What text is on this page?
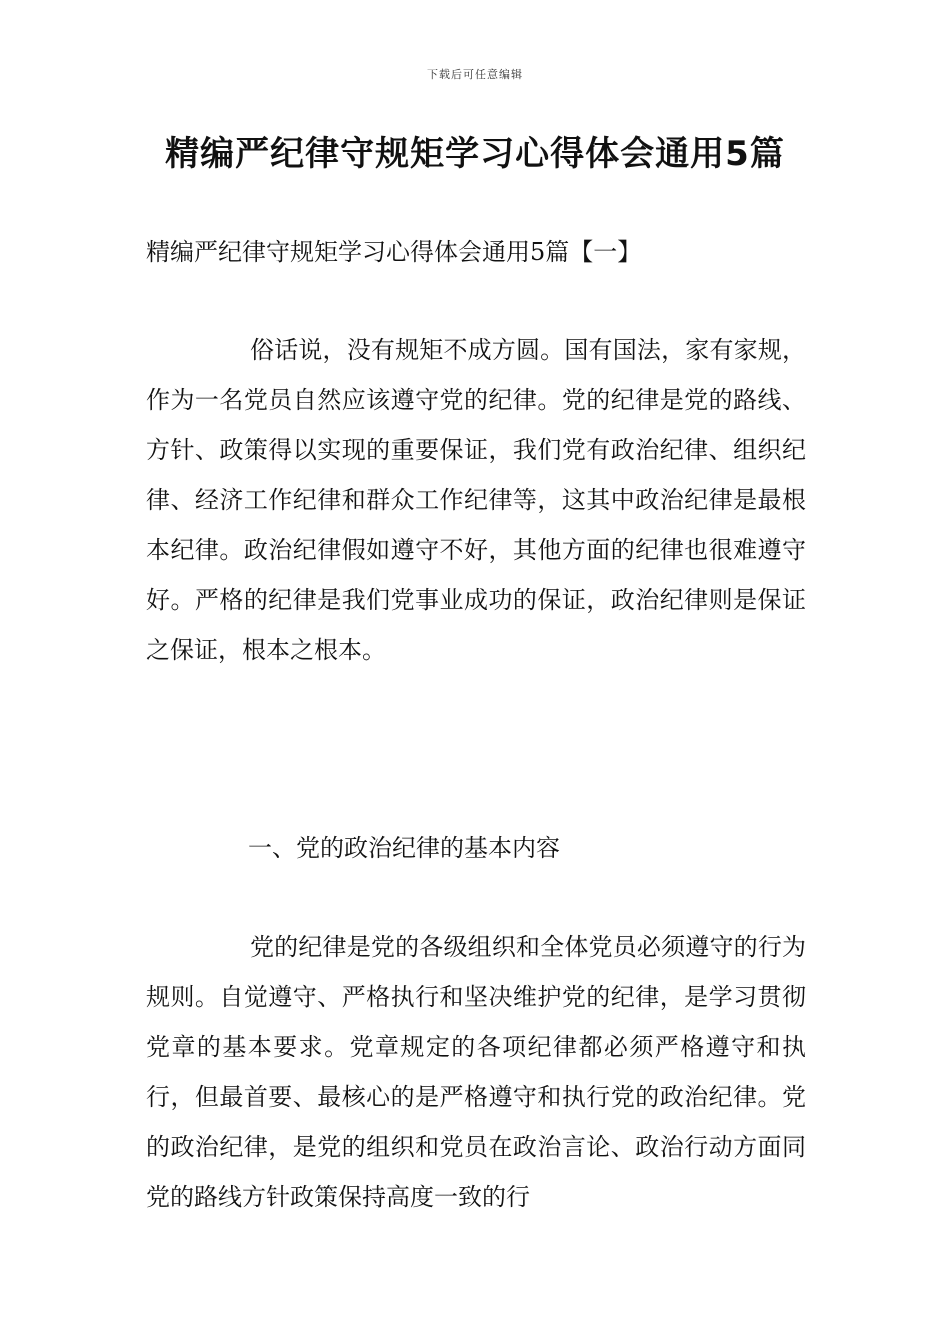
下载后可任意编辑
精编严纪律守规矩学习心得体会通用5篇

精编严纪律守规矩学习心得体会通用5篇【一】

俗话说，没有规矩不成方圆。国有国法，家有家规，作为一名党员自然应该遵守党的纪律。党的纪律是党的路线、方针、政策得以实现的重要保证，我们党有政治纪律、组织纪律、经济工作纪律和群众工作纪律等，这其中政治纪律是最根本纪律。政治纪律假如遵守不好，其他方面的纪律也很难遵守好。严格的纪律是我们党事业成功的保证，政治纪律则是保证之保证，根本之根本。

一、党的政治纪律的基本内容

党的纪律是党的各级组织和全体党员必须遵守的行为规则。自觉遵守、严格执行和坚决维护党的纪律，是学习贯彻党章的基本要求。党章规定的各项纪律都必须严格遵守和执行，但最首要、最核心的是严格遵守和执行党的政治纪律。党的政治纪律，是党的组织和党员在政治言论、政治行动方面同党的路线方针政策保持高度一致的行
